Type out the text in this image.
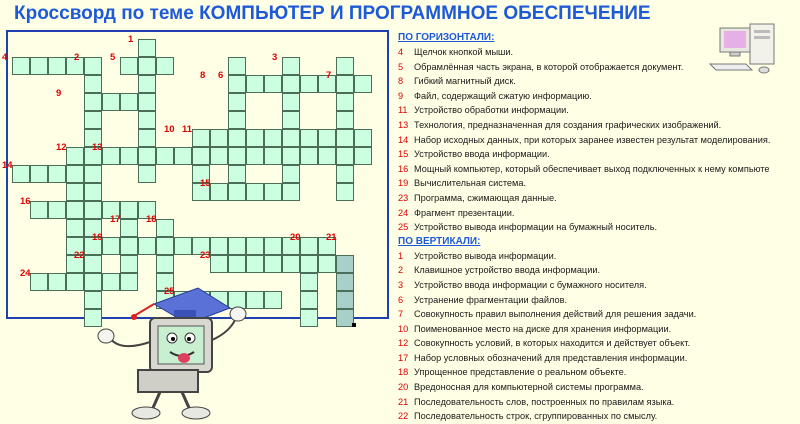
Кроссворд по теме КОМПЬЮТЕР И ПРОГРАММНОЕ ОБЕСПЕЧЕНИЕ
1
2	3
4	5
6	7
8
9
10 11
12	13
14
15
16
17	18
19	20	21
22	23
24
25
ПО ГОРИЗОНТАЛИ:
4 Щелчок кнопкой мыши.
5 Обрамлённая часть экрана, в которой отображается документ.
8 Гибкий магнитный диск.
9 Файл, содержащий сжатую информацию.
11 Устройство обработки информации.
13 Технология, предназначенная для создания графических изображений.
14 Набор исходных данных, при которых заранее известен результат моделирования.
15 Устройство ввода информации.
16 Мощный компьютер, который обеспечивает выход подключенных к нему компьюте
19 Вычислительная система.
23 Программа, сжимающая данные.
24 Фрагмент презентации.
25 Устройство вывода информации на бумажный носитель.
ПО ВЕРТИКАЛИ:
1 Устройство вывода информации.
2 Клавишное устройство ввода информации.
3 Устройство ввода информации с бумажного носителя.
6 Устранение фрагментации файлов.
7 Совокупность правил выполнения действий для решения задачи.
10 Поименованное место на диске для хранения информации.
12 Совокупность условий, в которых находится и действует объект.
17 Набор условных обозначений для представления информации.
18 Упрощенное представление о реальном объекте.
20 Вредоносная для компьютерной системы программа.
21 Последовательность слов, построенных по правилам языка.
22 Последовательность строк, сгруппированных по смыслу.
